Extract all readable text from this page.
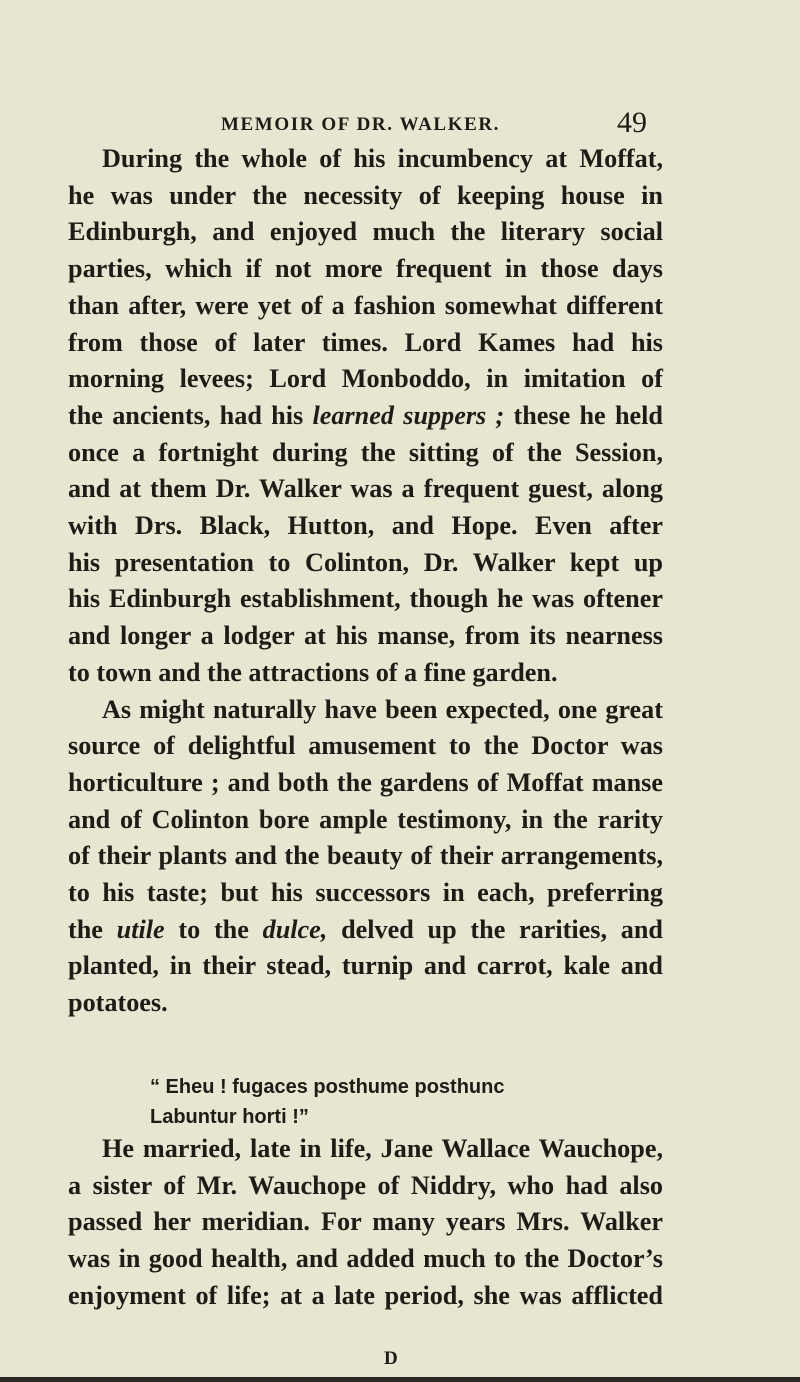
MEMOIR OF DR. WALKER.	49
During the whole of his incumbency at Moffat,
he was under the necessity of keeping house in
Edinburgh, and enjoyed much the literary social
parties, which if not more frequent in those days
than after, were yet of a fashion somewhat different
from those of later times. Lord Kames had his
morning levees; Lord Monboddo, in imitation of
the ancients, had his learned suppers ; these he held
once a fortnight during the sitting of the Session,
and at them Dr. Walker was a frequent guest, along
with Drs. Black, Hutton, and Hope. Even after
his presentation to Colinton, Dr. Walker kept up
his Edinburgh establishment, though he was oftener
and longer a lodger at his manse, from its nearness
to town and the attractions of a fine garden.
As might naturally have been expected, one great
source of delightful amusement to the Doctor was
horticulture ; and both the gardens of Moffat manse
and of Colinton bore ample testimony, in the rarity
of their plants and the beauty of their arrangements,
to his taste; but his successors in each, preferring
the utile to the dulce, delved up the rarities, and
planted, in their stead, turnip and carrot, kale and
potatoes.
“ Eheu ! fugaces posthume posthunc
Labuntur horti !”
He married, late in life, Jane Wallace Wauchope,
a sister of Mr. Wauchope of Niddry, who had also
passed her meridian. For many years Mrs. Walker
was in good health, and added much to the Doctor’s
enjoyment of life; at a late period, she was afflicted
D
